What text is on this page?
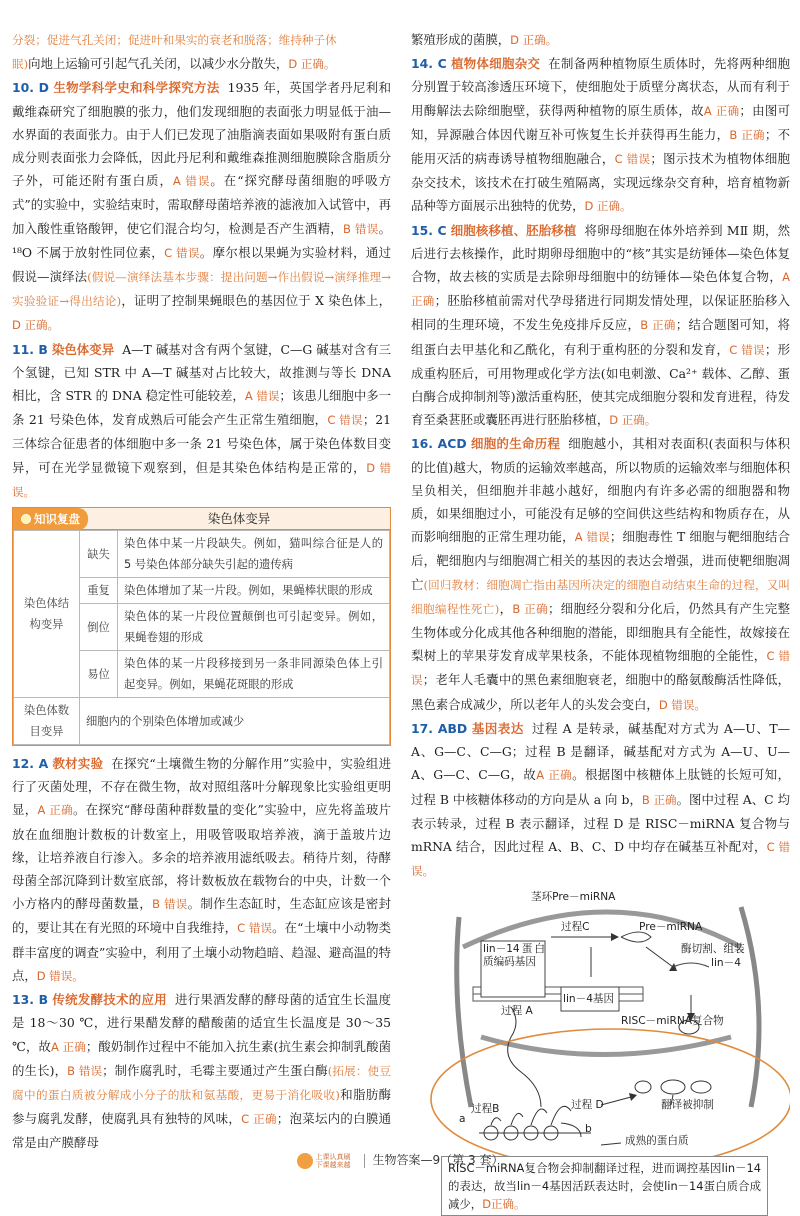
分裂；促进气孔关闭；促进叶和果实的衰老和脱落；维持种子休
眠)向地上运输可引起气孔关闭，以减少水分散失，D 正确。
10. D 生物学科学史和科学探究方法 1935 年，英国学者丹尼利和戴维森研究了细胞膜的张力，他们发现细胞的表面张力明显低于油—水界面的表面张力。由于人们已发现了油脂滴表面如果吸附有蛋白质成分则表面张力会降低，因此丹尼利和戴维森推测细胞膜除含脂质分子外，可能还附有蛋白质，A 错误。在“探究酵母菌细胞的呼吸方式”的实验中，实验结束时，需取酵母菌培养液的滤液加入试管中，再加入酸性重铬酸钾，使它们混合均匀，检测是否产生酒精，B 错误。¹⁸O 不属于放射性同位素，C 错误。摩尔根以果蝇为实验材料，通过假说—演绎法(假说—演绎法基本步骤：提出问题→作出假说→演绎推理→实验验证→得出结论)，证明了控制果蝇眼色的基因位于 X 染色体上，D 正确。
11. B 染色体变异 A—T 碱基对含有两个氢键，C—G 碱基对含有三个氢键，已知 STR 中 A—T 碱基对占比较大，故推测与等长 DNA 相比，含 STR 的 DNA 稳定性可能较差，A 错误；该患儿细胞中多一条 21 号染色体，发育成熟后可能会产生正常生殖细胞，C 错误；21 三体综合征患者的体细胞中多一条 21 号染色体，属于染色体数目变异，可在光学显微镜下观察到，但是其染色体结构是正常的，D 错误。
知识复盘	染色体变异
染色体结构变异	缺失	染色体中某一片段缺失。例如，猫叫综合征是人的 5 号染色体部分缺失引起的遗传病
	重复	染色体增加了某一片段。例如，果蝇棒状眼的形成
	倒位	染色体的某一片段位置颠倒也可引起变异。例如，果蝇卷翅的形成
	易位	染色体的某一片段移接到另一条非同源染色体上引起变异。例如，果蝇花斑眼的形成
染色体数目变异	细胞内的个别染色体增加或减少	
12. A 教材实验 在探究“土壤微生物的分解作用”实验中，实验组进行了灭菌处理，不存在微生物，故对照组落叶分解现象比实验组更明显，A 正确。在探究“酵母菌种群数量的变化”实验中，应先将盖玻片放在血细胞计数板的计数室上，用吸管吸取培养液，滴于盖玻片边缘，让培养液自行渗入。多余的培养液用滤纸吸去。稍待片刻，待酵母菌全部沉降到计数室底部，将计数板放在载物台的中央，计数一个小方格内的酵母菌数量，B 错误。制作生态缸时，生态缸应该是密封的，要让其在有光照的环境中自我维持，C 错误。在“土壤中小动物类群丰富度的调查”实验中，利用了土壤小动物趋暗、趋湿、避高温的特点，D 错误。
13. B 传统发酵技术的应用 进行果酒发酵的酵母菌的适宜生长温度是 18～30 ℃，进行果醋发酵的醋酸菌的适宜生长温度是 30～35 ℃，故A 正确；酸奶制作过程中不能加入抗生素(抗生素会抑制乳酸菌的生长)，B 错误；制作腐乳时，毛霉主要通过产生蛋白酶(拓展：使豆腐中的蛋白质被分解成小分子的肽和氨基酸，更易于消化吸收)和脂肪酶参与腐乳发酵，使腐乳具有独特的风味，C 正确；泡菜坛内的白膜通常是由产膜酵母
繁殖形成的菌膜，D 正确。
14. C 植物体细胞杂交 在制备两种植物原生质体时，先将两种细胞分别置于较高渗透压环境下，使细胞处于质壁分离状态，从而有利于用酶解法去除细胞壁，获得两种植物的原生质体，故A 正确；由图可知，异源融合体因代谢互补可恢复生长并获得再生能力，B 正确；不能用灭活的病毒诱导植物细胞融合，C 错误；图示技术为植物体细胞杂交技术，该技术在打破生殖隔离，实现远缘杂交育种，培育植物新品种等方面展示出独特的优势，D 正确。
15. C 细胞核移植、胚胎移植 将卵母细胞在体外培养到 MⅡ 期，然后进行去核操作，此时期卵母细胞中的“核”其实是纺锤体—染色体复合物，故去核的实质是去除卵母细胞中的纺锤体—染色体复合物，A 正确；胚胎移植前需对代孕母猪进行同期发情处理，以保证胚胎移入相同的生理环境，不发生免疫排斥反应，B 正确；结合题图可知，将组蛋白去甲基化和乙酰化，有利于重构胚的分裂和发育，C 错误；形成重构胚后，可用物理或化学方法(如电刺激、Ca²⁺ 载体、乙醇、蛋白酶合成抑制剂等)激活重构胚，使其完成细胞分裂和发育进程，待发育至桑葚胚或囊胚再进行胚胎移植，D 正确。
16. ACD 细胞的生命历程 细胞越小，其相对表面积(表面积与体积的比值)越大，物质的运输效率越高，所以物质的运输效率与细胞体积呈负相关，但细胞并非越小越好，细胞内有许多必需的细胞器和物质，如果细胞过小，可能没有足够的空间供这些结构和物质存在，从而影响细胞的正常生理功能，A 错误；细胞毒性 T 细胞与靶细胞结合后，靶细胞内与细胞凋亡相关的基因的表达会增强，进而使靶细胞凋亡(回归教材：细胞凋亡指由基因所决定的细胞自动结束生命的过程，又叫细胞编程性死亡)，B 正确；细胞经分裂和分化后，仍然具有产生完整生物体或分化成其他各种细胞的潜能，即细胞具有全能性，故嫁接在梨树上的苹果芽发育成苹果枝条，不能体现植物细胞的全能性，C 错误；老年人毛囊中的黑色素细胞衰老，细胞中的酪氨酸酶活性降低，黑色素合成减少，所以老年人的头发会变白，D 错误。
17. ABD 基因表达 过程 A 是转录，碱基配对方式为 A—U、T—A、G—C、C—G；过程 B 是翻译，碱基配对方式为 A—U、U—A、G—C、C—G，故A 正确。根据图中核糖体上肽链的长短可知，过程 B 中核糖体移动的方向是从 a 向 b，B 正确。图中过程 A、C 均表示转录，过程 B 表示翻译，过程 D 是 RISC－miRNA 复合物与 mRNA 结合，因此过程 A、B、C、D 中均存在碱基互补配对，C 错误。
茎环Pre－miRNA
lin－14蛋白质编码基因
过程C	Pre－miRNA
酶切割、组装
lin－4
过程 A
lin－4基因
RISC－miRNA复合物
过程 D	翻译被抑制
a
过程B
b
成熟的蛋白质
RISC－miRNA复合物会抑制翻译过程，进而调控基因lin－14的表达，故当lin－4基因活跃表达时，会使lin－14蛋白质合成减少，D正确。
上课认真刷 下课越来越	生物答案—9（第 3 套）
